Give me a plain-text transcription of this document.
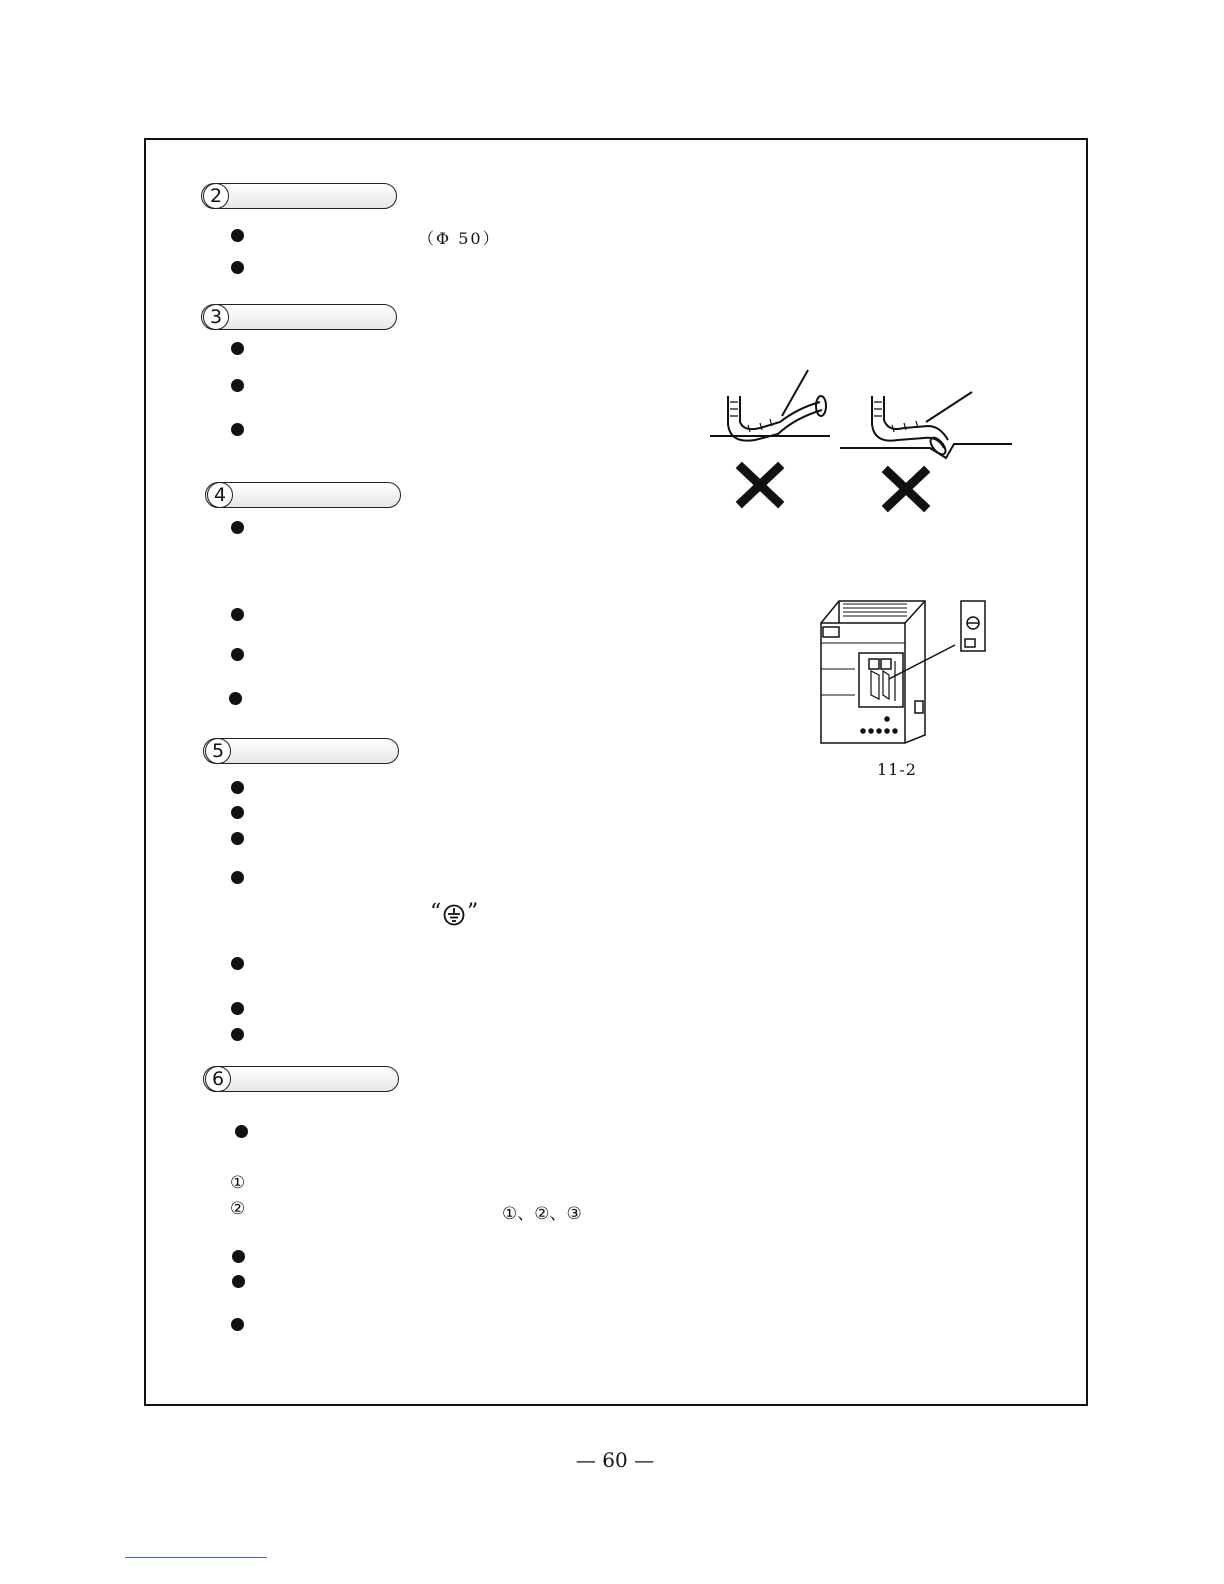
2
（Φ 50）
3
4
11-2
5
“ ”
6
①
②	①、②、③
— 60 —
